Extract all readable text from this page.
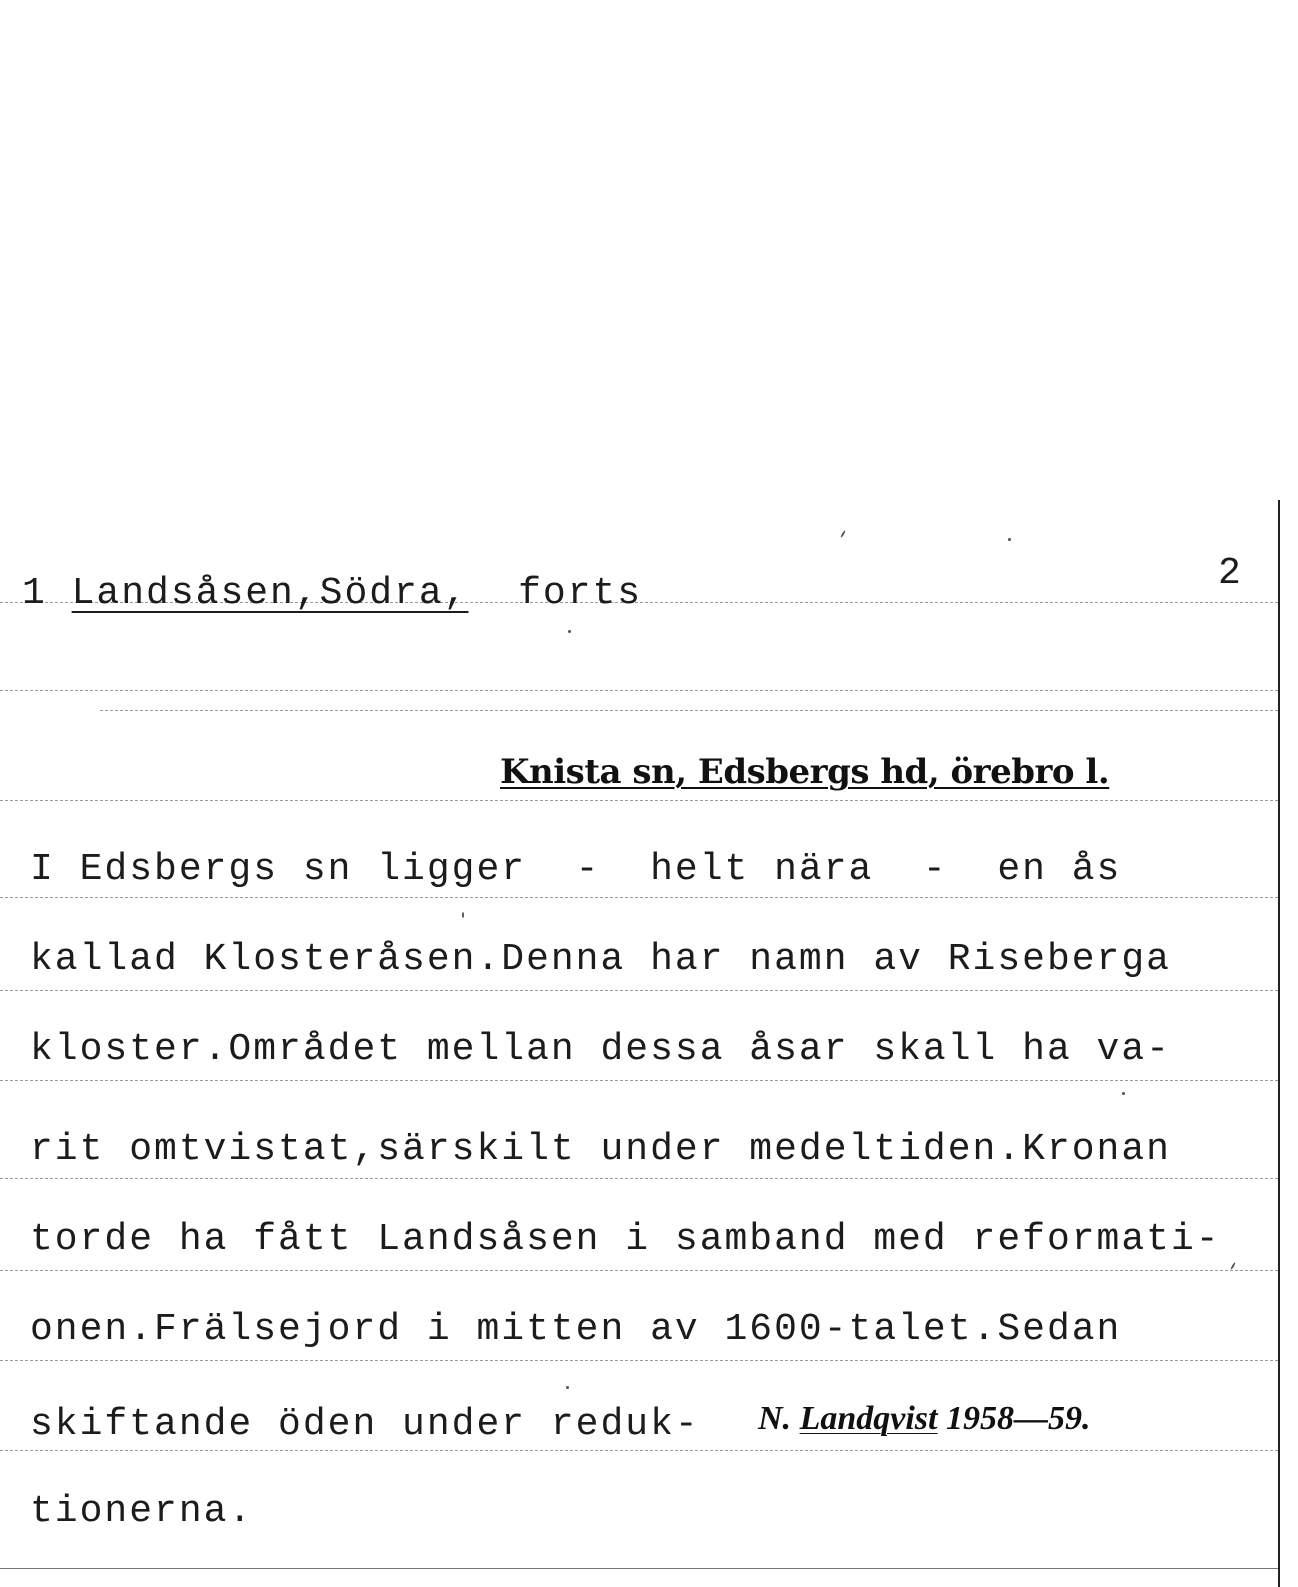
1 Landsåsen,Södra, forts	2
Knista sn, Edsbergs hd, örebro l.
I Edsbergs sn ligger  -  helt nära  -  en ås
kallad Klosteråsen.Denna har namn av Riseberga
kloster.Området mellan dessa åsar skall ha va-
rit omtvistat,särskilt under medeltiden.Kronan
torde ha fått Landsåsen i samband med reformati-
onen.Frälsejord i mitten av 1600-talet.Sedan
skiftande öden under reduk-
tionerna.
N. Landqvist 1958—59.
